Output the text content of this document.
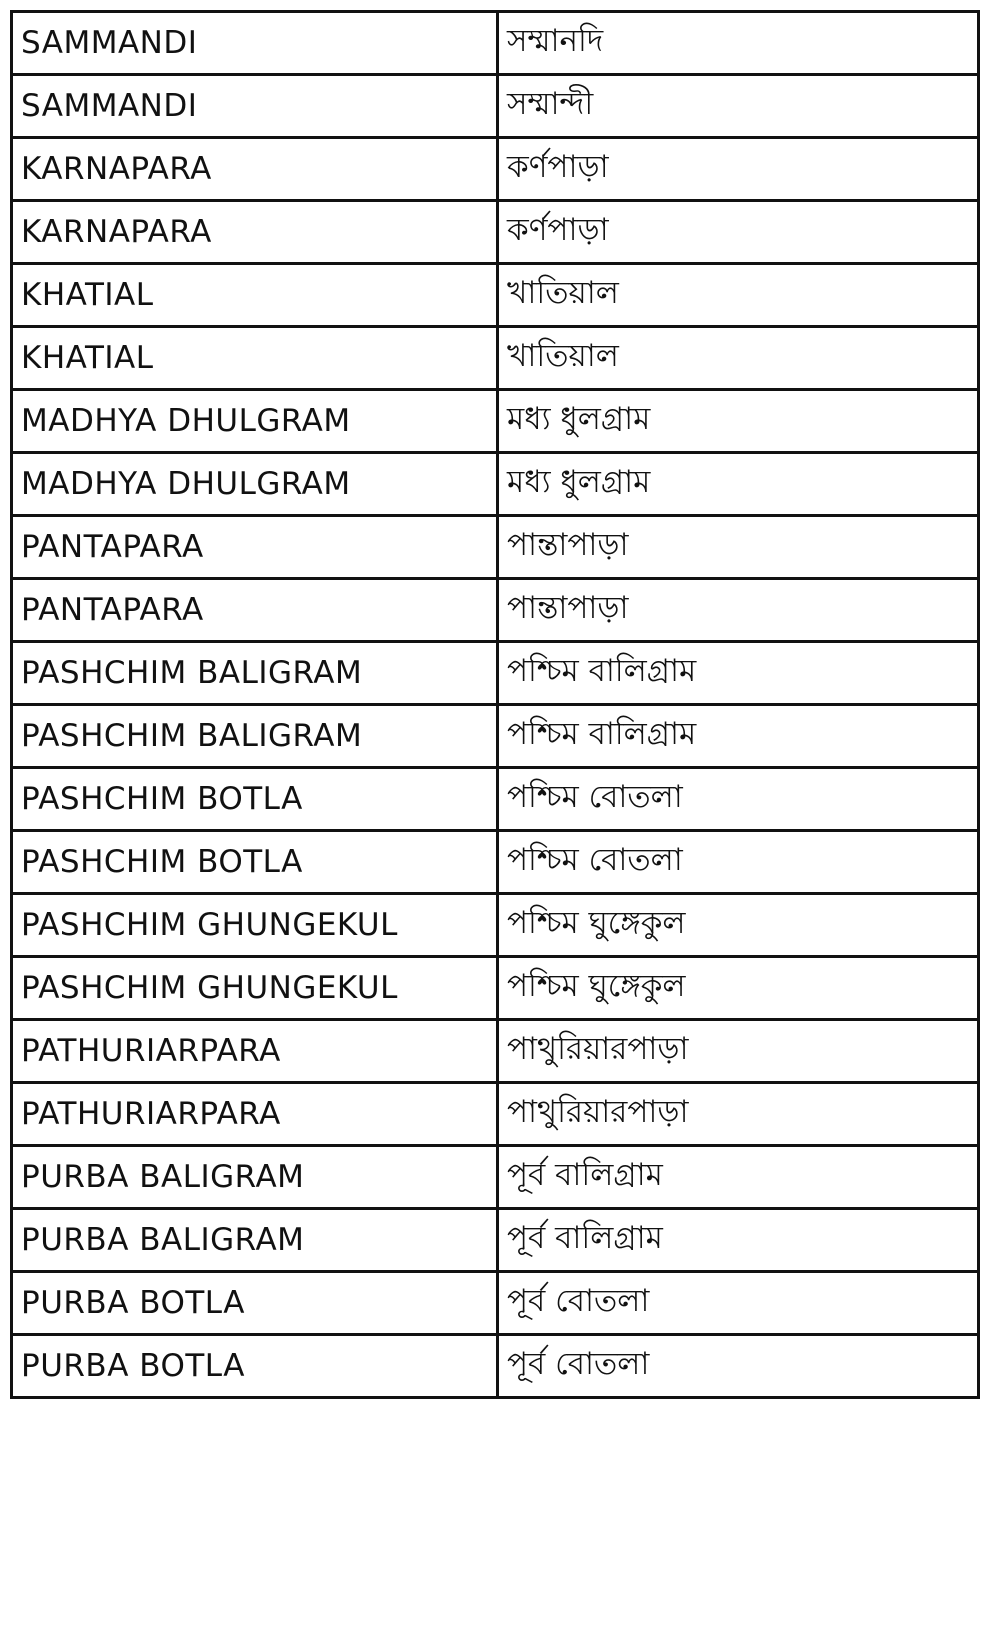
SAMMANDI	সম্মানদি
SAMMANDI	সম্মান্দী
KARNAPARA	কর্ণপাড়া
KARNAPARA	কর্ণপাড়া
KHATIAL	খাতিয়াল
KHATIAL	খাতিয়াল
MADHYA DHULGRAM	মধ্য ধুলগ্রাম
MADHYA DHULGRAM	মধ্য ধুলগ্রাম
PANTAPARA	পান্তাপাড়া
PANTAPARA	পান্তাপাড়া
PASHCHIM BALIGRAM	পশ্চিম বালিগ্রাম
PASHCHIM BALIGRAM	পশ্চিম বালিগ্রাম
PASHCHIM BOTLA	পশ্চিম বোতলা
PASHCHIM BOTLA	পশ্চিম বোতলা
PASHCHIM GHUNGEKUL	পশ্চিম ঘুঙ্গেকুল
PASHCHIM GHUNGEKUL	পশ্চিম ঘুঙ্গেকুল
PATHURIARPARA	পাথুরিয়ারপাড়া
PATHURIARPARA	পাথুরিয়ারপাড়া
PURBA BALIGRAM	পূর্ব বালিগ্রাম
PURBA BALIGRAM	পূর্ব বালিগ্রাম
PURBA BOTLA	পূর্ব বোতলা
PURBA BOTLA	পূর্ব বোতলা
